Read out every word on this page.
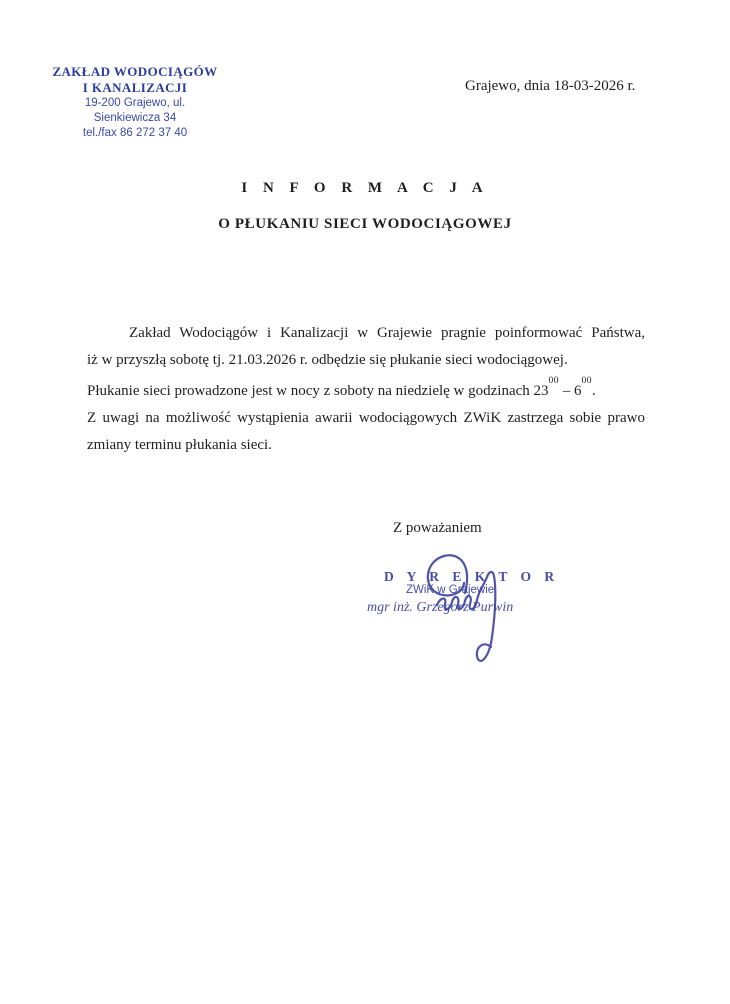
ZAKŁAD WODOCIĄGÓW
I KANALIZACJI
19-200 Grajewo, ul. Sienkiewicza 34
tel./fax 86 272 37 40
Grajewo, dnia 18-03-2026 r.
I N F O R M A C J A
O PŁUKANIU SIECI WODOCIĄGOWEJ
Zakład Wodociągów i Kanalizacji w Grajewie pragnie poinformować Państwa,
iż w przyszłą sobotę tj. 21.03.2026 r. odbędzie się płukanie sieci wodociągowej.
Płukanie sieci prowadzone jest w nocy z soboty na niedzielę w godzinach $23^{00} - 6^{00}$.
Z uwagi na możliwość wystąpienia awarii wodociągowych ZWiK zastrzega sobie prawo
zmiany terminu płukania sieci.
Z poważaniem
D Y R E K T O R
ZWiK w Grajewie
mgr inż. Grzegorz Purwin
